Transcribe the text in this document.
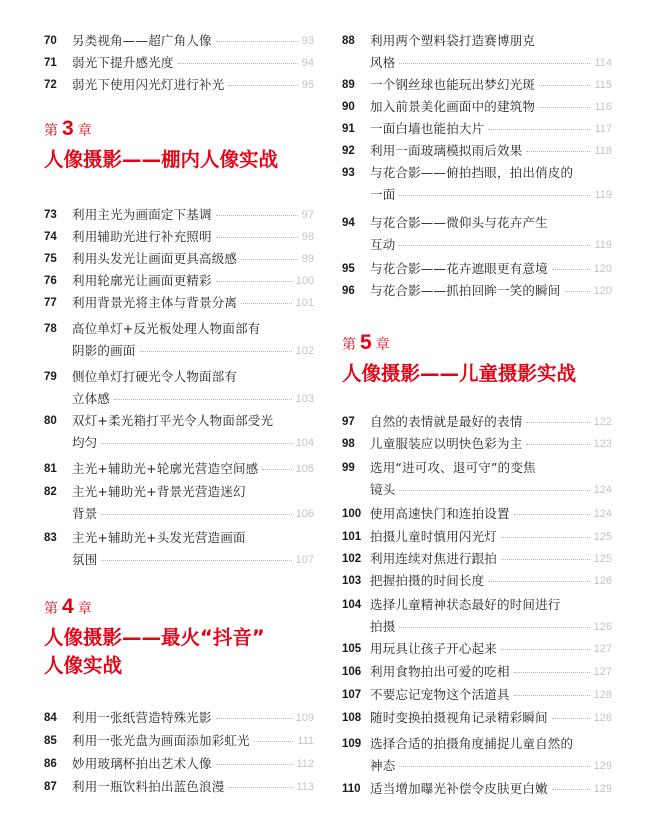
70	另类视角——超广角人像	93
71	弱光下提升感光度	94
72	弱光下使用闪光灯进行补光	95
73	利用主光为画面定下基调	97
74	利用辅助光进行补充照明	98
75	利用头发光让画面更具高级感	99
76	利用轮廓光让画面更精彩	100
77	利用背景光将主体与背景分离	101
78	高位单灯+反光板处理人物面部有
阴影的画面	102
79	侧位单灯打硬光令人物面部有
立体感	103
80	双灯+柔光箱打平光令人物面部受光
均匀	104
81	主光+辅助光+轮廓光营造空间感	105
82	主光+辅助光+背景光营造迷幻
背景	106
83	主光+辅助光+头发光营造画面
氛围	107
84	利用一张纸营造特殊光影	109
85	利用一张光盘为画面添加彩虹光	111
86	妙用玻璃杯拍出艺术人像	112
87	利用一瓶饮料拍出蓝色浪漫	113
第 3 章
人像摄影——棚内人像实战
第 4 章
人像摄影——最火“抖音”
人像实战
88	利用两个塑料袋打造赛博朋克
风格	114
89	一个钢丝球也能玩出梦幻光斑	115
90	加入前景美化画面中的建筑物	116
91	一面白墙也能拍大片	117
92	利用一面玻璃模拟雨后效果	118
93	与花合影——俯拍挡眼，拍出俏皮的
一面	119
94	与花合影——微仰头与花卉产生
互动	119
95	与花合影——花卉遮眼更有意境	120
96	与花合影——抓拍回眸一笑的瞬间	120
97	自然的表情就是最好的表情	122
98	儿童服装应以明快色彩为主	123
99	选用“进可攻、退可守”的变焦
镜头	124
100 使用高速快门和连拍设置	124
101 拍摄儿童时慎用闪光灯	125
102 利用连续对焦进行跟拍	125
103 把握拍摄的时间长度	126
104 选择儿童精神状态最好的时间进行
拍摄	126
105 用玩具让孩子开心起来	127
106 利用食物拍出可爱的吃相	127
107 不要忘记宠物这个活道具	128
108 随时变换拍摄视角记录精彩瞬间	128
109 选择合适的拍摄角度捕捉儿童自然的
神态	129
110 适当增加曝光补偿令皮肤更白嫩	129
第 5 章
人像摄影——儿童摄影实战
